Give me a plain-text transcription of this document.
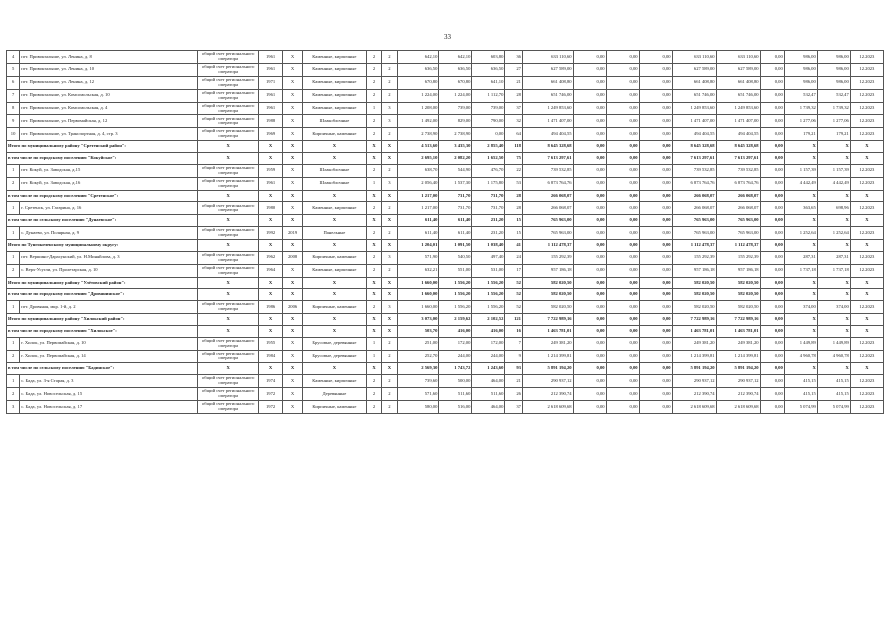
33
4	пгт. Привокзалыше, ул. Ленина, д. 8	общий счет регионального оператора	1961	X	Каменные, кирпичные	2	2	642,10	642,10	603,80	36	633 110,60	0,00	0,00	0,00	633 110,60	633 110,60	0,00	986,00	986,00	12.2023
5	пгт. Привокзалыше, ул. Ленина, д. 10	общий счет регионального оператора	1961	X	Каменные, кирпичные	2	2	636,50	636,50	636,50	27	627 589,00	0,00	0,00	0,00	627 589,00	627 589,00	0,00	986,00	986,00	12.2023
6	пгт. Привокзалыше, ул. Ленина, д. 12	общий счет регионального оператора	1971	X	Каменные, кирпичные	2	2	670,80	670,80	641,10	21	661 408,80	0,00	0,00	0,00	661 408,80	661 408,80	0,00	986,00	986,00	12.2023
7	пгт. Привокзалыше, ул. Комсомольская, д. 10	общий счет регионального оператора	1961	X	Каменные, кирпичные	2	2	1 224,00	1 224,00	1 112,70	28	651 746,00	0,00	0,00	0,00	651 746,00	651 746,00	0,00	532,47	532,47	12.2023
8	пгт. Привокзалыше, ул. Комсомольская, д. 4	общий счет регионального оператора	1961	X	Каменные, кирпичные	1	3	1 208,00	739,00	739,00	37	1 249 853,60	0,00	0,00	0,00	1 249 853,60	1 249 853,60	0,00	1 739,32	1 739,32	12.2023
9	пгт. Привокзалыше, ул. Первомайская, д. 12	общий счет регионального оператора	1988	X	Шлакоблочные	2	3	1 492,00	829,00	790,00	32	1 471 407,00	0,00	0,00	0,00	1 471 407,00	1 471 407,00	0,00	1 277,06	1 277,06	12.2023
10	пгт. Привокзалыше, ул. Транспортная, д. 4, стр. 3	общий счет регионального оператора	1969	X	Кирпичные, каменные	2	2	2 738,90	2 738,90	0,00	64	494 404,55	0,00	0,00	0,00	494 404,55	494 404,55	0,00	179,21	179,21	12.2023
Итого по муниципальному району "Сретенский район":		X	X	X	X	X	X	4 513,60	3 435,30	2 855,40	118	8 645 328,68	0,00	0,00	0,00	8 645 328,68	8 645 328,68	0,00	X	X	X
в том числе по городскому поселению "Кокуйское":		X	X	X	X	X	X	2 695,10	2 082,20	1 652,50	75	7 613 297,61	0,00	0,00	0,00	7 613 297,61	7 613 297,61	0,00	X	X	X
1	пгт. Кокуй, ул. Заводская, д.15	общий счет регионального оператора	1959	X	Шлакоблочные	2	2	638,70	544,90	476,70	22	739 532,85	0,00	0,00	0,00	739 532,85	739 532,85	0,00	1 157,39	1 157,39	12.2023
2	пгт. Кокуй, ул. Заводская, д.16	общий счет регионального оператора	1961	X	Шлакоблочные	1	3	2 056,40	1 537,30	1 175,80	53	6 873 764,76	0,00	0,00	0,00	6 873 764,76	6 873 764,76	0,00	4 442,49	4 442,49	12.2023
в том числе по городскому поселению "Сретенское":		X	X	X	X	X	X	1 217,00	731,70	731,70	28	266 068,07	0,00	0,00	0,00	266 068,07	266 068,07	0,00	X	X	X
1	г. Сретенск, ул. Гагарина, д. 16	общий счет регионального оператора	1980	X	Каменные, кирпичные	2	2	1 217,00	731,70	731,70	28	266 068,07	0,00	0,00	0,00	266 068,07	266 068,07	0,00	363,65	698,96	12.2023
в том числе по сельскому поселению "Дунаевское":		X	X	X	X	X	X	611,40	611,40	231,20	15	765 963,00	0,00	0,00	0,00	765 963,00	765 963,00	0,00	X	X	X
1	с. Дунаево, ул. Полярная, д. 9	общий счет регионального оператора	1992	2019	Панельные	2	2	611,40	611,40	231,20	15	765 963,00	0,00	0,00	0,00	765 963,00	765 963,00	0,00	1 252,64	1 252,64	12.2023
Итого по Тунгокоченскому муниципальному округу:		X	X	X	X	X	X	1 204,01	1 091,50	1 038,40	41	1 112 478,37	0,00	0,00	0,00	1 112 478,37	1 112 478,37	0,00	X	X	X
1	пгт. Вершино-Дарасунский, ул. Н.Миняйлова, д. 3	общий счет регионального оператора	1962	2008	Кирпичные, каменные	2	3	571,90	540,50	497,40	24	155 292,39	0,00	0,00	0,00	155 292,39	155 292,39	0,00	287,31	287,31	12.2023
2	с. Верх-Усугли, ул. Пролетарская, д. 10	общий счет регионального оператора	1964	X	Каменные, кирпичные	2	2	632,21	551,00	531,00	17	957 186,18	0,00	0,00	0,00	957 186,18	957 186,18	0,00	1 737,18	1 737,18	12.2023
Итого по муниципальному району "Улётовский район":		X	X	X	X	X	X	1 660,00	1 556,20	1 556,20	52	582 020,50	0,00	0,00	0,00	582 020,50	582 020,50	0,00	X	X	X
в том числе по городскому поселению "Дровянинское":		X	X	X	X	X	X	1 660,00	1 556,20	1 556,20	52	582 020,50	0,00	0,00	0,00	582 020,50	582 020,50	0,00	X	X	X
1	пгт. Дровяная, мкр. 1-й, д. 2	общий счет регионального оператора	1986	2006	Кирпичные, каменные	2	3	1 660,00	1 556,20	1 556,20	52	582 020,50	0,00	0,00	0,00	582 020,50	582 020,50	0,00	374,00	374,00	12.2023
Итого по муниципальному району "Хилокский район":		X	X	X	X	X	X	3 073,00	2 159,62	2 102,52	121	7 722 989,16	0,00	0,00	0,00	7 722 989,16	7 722 989,16	0,00	X	X	X
в том числе по городскому поселению "Хилокское":		X	X	X	X	X	X	503,70	416,00	416,00	16	1 463 781,01	0,00	0,00	0,00	1 463 781,01	1 463 781,01	0,00	X	X	X
1	г. Хилок, ул. Первомайская, д. 10	общий счет регионального оператора	1955	X	Брусовые, деревянные	1	2	251,00	172,00	172,00	7	249 381,20	0,00	0,00	0,00	249 381,20	249 381,20	0,00	1 449,89	1 449,89	12.2023
2	г. Хилок, ул. Первомайская, д. 14	общий счет регионального оператора	1984	X	Брусовые, деревянные	1	2	252,70	244,00	244,00	9	1 214 399,81	0,00	0,00	0,00	1 214 399,81	1 214 399,81	0,00	4 960,78	4 960,78	12.2023
в том числе по сельскому поселению "Бадинское":		X	X	X	X	X	X	2 569,30	1 743,72	1 243,60	93	5 891 194,20	0,00	0,00	0,00	5 891 194,20	5 891 194,20	0,00	X	X	X
1	с. Бада, ул. 3-я Старая, д. 3	общий счет регионального оператора	1974	X	Каменные, кирпичные	2	2	739,60	500,00	464,00	21	290 937,12	0,00	0,00	0,00	290 937,12	290 937,12	0,00	415,15	415,15	12.2023
2	с. Бада, ул. Новосельская, д. 15	общий счет регионального оператора	1972	X	Деревянные	2	2	571,60	511,60	511,60	26	212 390,74	0,00	0,00	0,00	212 390,74	212 390,74	0,00	415,15	415,15	12.2023
3	с. Бада, ул. Новосельская, д. 17	общий счет регионального оператора	1972	X	Кирпичные, каменные	2	2	580,00	516,00	464,00	37	2 618 609,68	0,00	0,00	0,00	2 618 609,68	2 618 609,68	0,00	5 074,99	5 074,99	12.2023
